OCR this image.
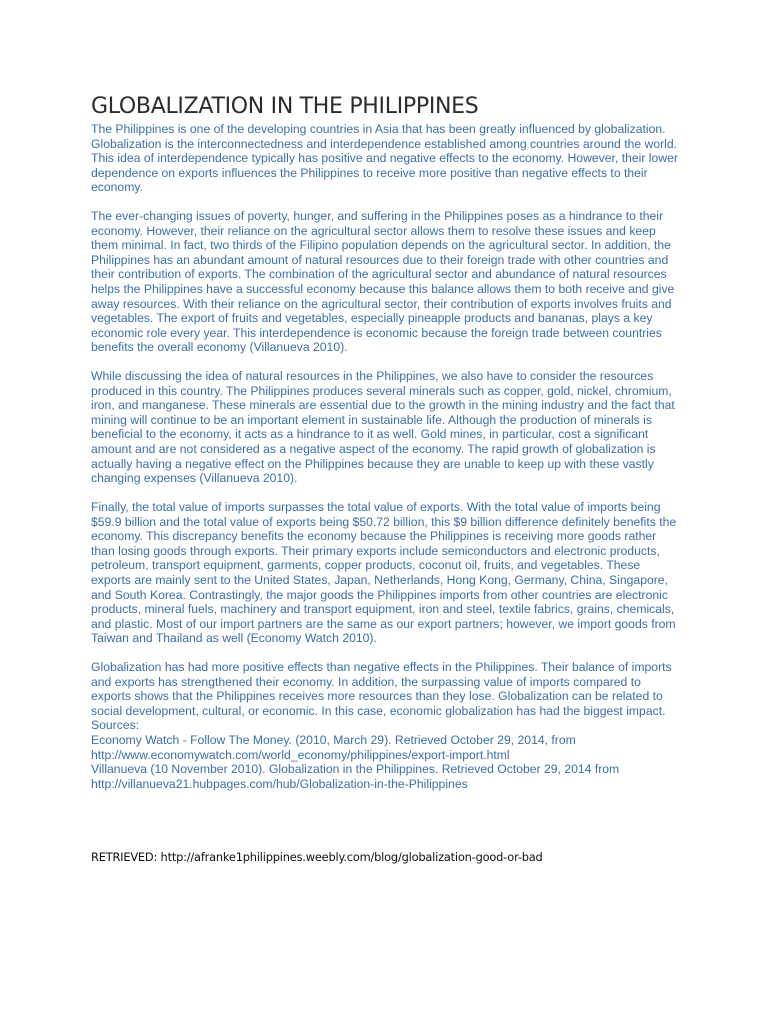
GLOBALIZATION IN THE PHILIPPINES

The Philippines is one of the developing countries in Asia that has been greatly influenced by globalization. Globalization is the interconnectedness and interdependence established among countries around the world. This idea of interdependence typically has positive and negative effects to the economy. However, their lower dependence on exports influences the Philippines to receive more positive than negative effects to their economy.

The ever-changing issues of poverty, hunger, and suffering in the Philippines poses as a hindrance to their economy. However, their reliance on the agricultural sector allows them to resolve these issues and keep them minimal. In fact, two thirds of the Filipino population depends on the agricultural sector. In addition, the Philippines has an abundant amount of natural resources due to their foreign trade with other countries and their contribution of exports. The combination of the agricultural sector and abundance of natural resources helps the Philippines have a successful economy because this balance allows them to both receive and give away resources. With their reliance on the agricultural sector, their contribution of exports involves fruits and vegetables. The export of fruits and vegetables, especially pineapple products and bananas, plays a key economic role every year. This interdependence is economic because the foreign trade between countries benefits the overall economy (Villanueva 2010).

While discussing the idea of natural resources in the Philippines, we also have to consider the resources produced in this country. The Philippines produces several minerals such as copper, gold, nickel, chromium, iron, and manganese. These minerals are essential due to the growth in the mining industry and the fact that mining will continue to be an important element in sustainable life. Although the production of minerals is beneficial to the economy, it acts as a hindrance to it as well. Gold mines, in particular, cost a significant amount and are not considered as a negative aspect of the economy. The rapid growth of globalization is actually having a negative effect on the Philippines because they are unable to keep up with these vastly changing expenses (Villanueva 2010).

Finally, the total value of imports surpasses the total value of exports. With the total value of imports being $59.9 billion and the total value of exports being $50.72 billion, this $9 billion difference definitely benefits the economy. This discrepancy benefits the economy because the Philippines is receiving more goods rather than losing goods through exports. Their primary exports include semiconductors and electronic products, petroleum, transport equipment, garments, copper products, coconut oil, fruits, and vegetables. These exports are mainly sent to the United States, Japan, Netherlands, Hong Kong, Germany, China, Singapore, and South Korea. Contrastingly, the major goods the Philippines imports from other countries are electronic products, mineral fuels, machinery and transport equipment, iron and steel, textile fabrics, grains, chemicals, and plastic. Most of our import partners are the same as our export partners; however, we import goods from Taiwan and Thailand as well (Economy Watch 2010).

Globalization has had more positive effects than negative effects in the Philippines. Their balance of imports and exports has strengthened their economy. In addition, the surpassing value of imports compared to exports shows that the Philippines receives more resources than they lose. Globalization can be related to social development, cultural, or economic. In this case, economic globalization has had the biggest impact.

Sources:

Economy Watch - Follow The Money. (2010, March 29). Retrieved October 29, 2014, from http://www.economywatch.com/world_economy/philippines/export-import.html

Villanueva (10 November 2010). Globalization in the Philippines. Retrieved October 29, 2014 from http://villanueva21.hubpages.com/hub/Globalization-in-the-Philippines

RETRIEVED: http://afranke1philippines.weebly.com/blog/globalization-good-or-bad
